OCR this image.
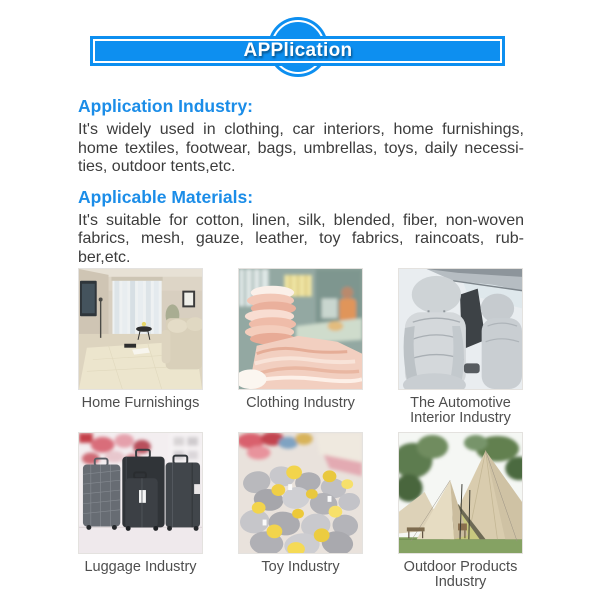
APPlication
Application Industry:
It's widely used in clothing, car interiors, home furnishings,
home textiles, footwear, bags, umbrellas, toys, daily necessi-
ties, outdoor tents,etc.
Applicable Materials:
It's suitable for cotton, linen, silk, blended, fiber, non-woven
fabrics, mesh, gauze, leather, toy fabrics, raincoats, rub-
ber,etc.
Home Furnishings	Clothing Industry	The Automotive Interior Industry
Luggage Industry	Toy Industry	Outdoor Products Industry
